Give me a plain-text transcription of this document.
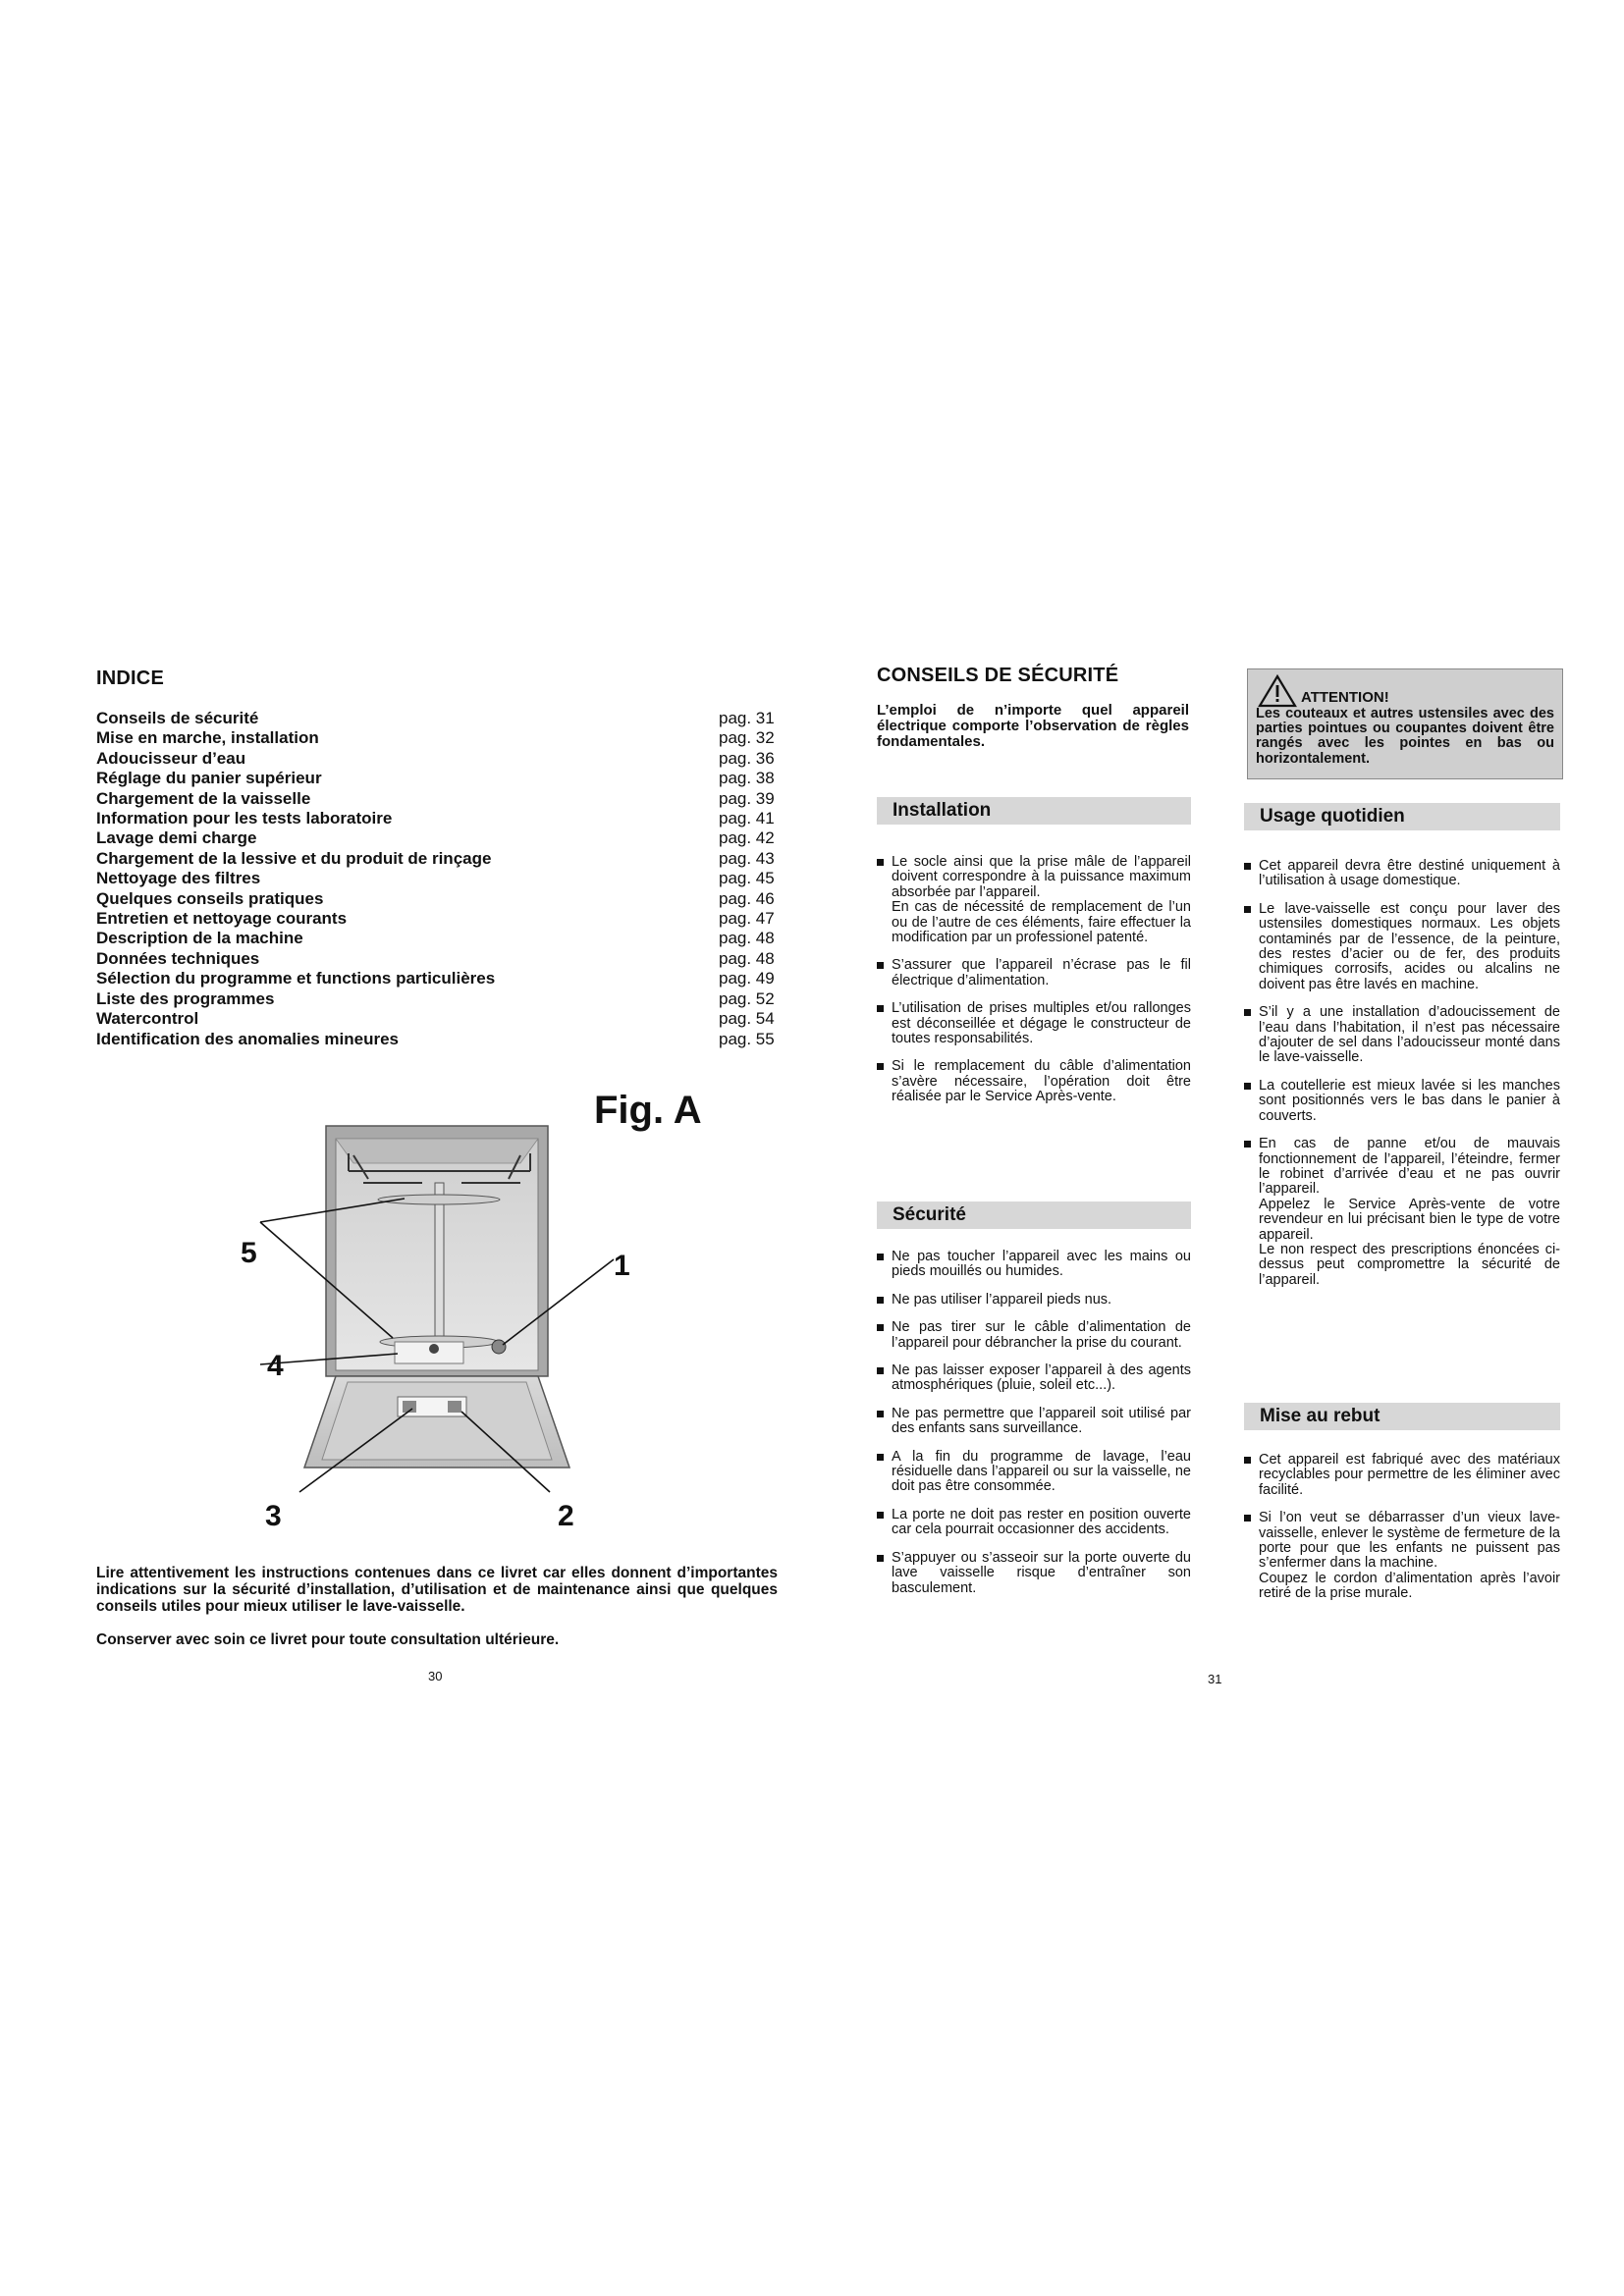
INDICE
Conseils de sécurité	pag. 31
Mise en marche, installation	pag. 32
Adoucisseur d’eau	pag. 36
Réglage du panier supérieur	pag. 38
Chargement de la vaisselle	pag. 39
Information pour les tests laboratoire	pag. 41
Lavage demi charge	pag. 42
Chargement de la lessive et du produit de rinçage	pag. 43
Nettoyage des filtres	pag. 45
Quelques conseils pratiques	pag. 46
Entretien et nettoyage courants	pag. 47
Description de la machine	pag. 48
Données techniques	pag. 48
Sélection du programme et functions particulières	pag. 49
Liste des programmes	pag. 52
Watercontrol	pag. 54
Identification des anomalies mineures	pag. 55
Fig. A
5	1
4
3	2
Lire attentivement les instructions contenues dans ce livret car elles donnent d’importantes indications sur la sécurité d’installation, d’utilisation et de maintenance ainsi que quelques conseils utiles pour mieux utiliser le lave-vaisselle.
Conserver avec soin ce livret pour toute consultation ultérieure.
30
CONSEILS DE SÉCURITÉ
L’emploi de n’importe quel appareil électrique comporte l’observation de règles fondamentales.
Installation
Le socle ainsi que la prise mâle de l’appareil doivent correspondre à la puissance maximum absorbée par l’appareil.
En cas de nécessité de remplacement de l’un ou de l’autre de ces éléments, faire effectuer la modification par un professionel patenté.
S’assurer que l’appareil n’écrase pas le fil électrique d’alimentation.
L’utilisation de prises multiples et/ou rallonges est déconseillée et dégage le constructeur de toutes responsabilités.
Si le remplacement du câble d’alimentation s’avère nécessaire, l’opération doit être réalisée par le Service Après-vente.
Sécurité
Ne pas toucher l’appareil avec les mains ou pieds mouillés ou humides.
Ne pas utiliser l’appareil pieds nus.
Ne pas tirer sur le câble d’alimentation de l’appareil pour débrancher la prise du courant.
Ne pas laisser exposer l’appareil à des agents atmosphériques (pluie, soleil etc...).
Ne pas permettre que l’appareil soit utilisé par des enfants sans surveillance.
A la fin du programme de lavage, l’eau résiduelle dans l’appareil ou sur la vaisselle, ne doit pas être consommée.
La porte ne doit pas rester en position ouverte car cela pourrait occasionner des accidents.
S’appuyer ou s’asseoir sur la porte ouverte du lave vaisselle risque d’entraîner son basculement.
ATTENTION!
Les couteaux et autres ustensiles avec des parties pointues ou coupantes doivent être rangés avec les pointes en bas ou horizontalement.
Usage quotidien
Cet appareil devra être destiné uniquement à l’utilisation à usage domestique.
Le lave-vaisselle est conçu pour laver des ustensiles domestiques normaux. Les objets contaminés par de l’essence, de la peinture, des restes d’acier ou de fer, des produits chimiques corrosifs, acides ou alcalins ne doivent pas être lavés en machine.
S’il y a une installation d’adoucissement de l’eau dans l’habitation, il n’est pas nécessaire d’ajouter de sel dans l’adoucisseur monté dans le lave-vaisselle.
La coutellerie est mieux lavée si les manches sont positionnés vers le bas dans le panier à couverts.
En cas de panne et/ou de mauvais fonctionnement de l’appareil, l’éteindre, fermer le robinet d’arrivée d’eau et ne pas ouvrir l’appareil.
Appelez le Service Après-vente de votre revendeur en lui précisant bien le type de votre appareil.
Le non respect des prescriptions énoncées ci-dessus peut compromettre la sécurité de l’appareil.
Mise au rebut
Cet appareil est fabriqué avec des matériaux recyclables pour permettre de les éliminer avec facilité.
Si l’on veut se débarrasser d’un vieux lave-vaisselle, enlever le système de fermeture de la porte pour que les enfants ne puissent pas s’enfermer dans la machine.
Coupez le cordon d’alimentation après l’avoir retiré de la prise murale.
31
